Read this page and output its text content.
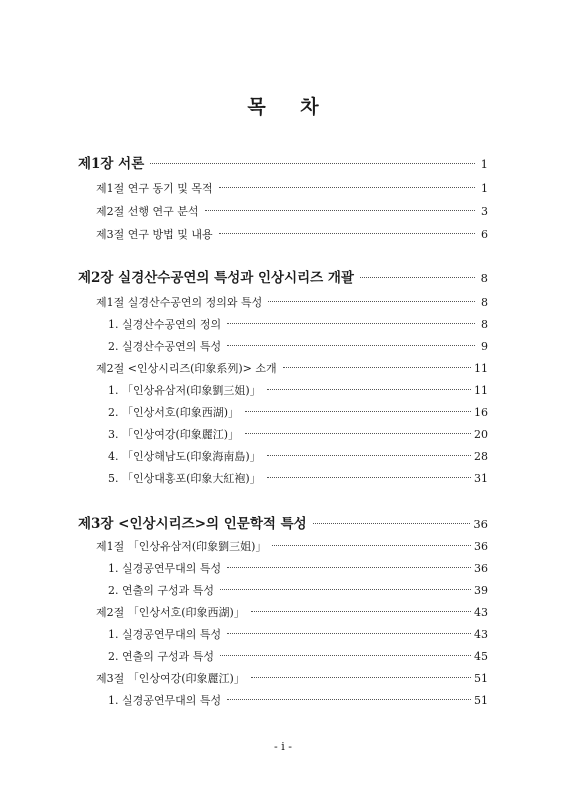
목 차
제1장 서론	1
제1절 연구 동기 및 목적	1
제2절 선행 연구 분석	3
제3절 연구 방법 및 내용	6
제2장 실경산수공연의 특성과 인상시리즈 개괄	8
제1절 실경산수공연의 정의와 특성	8
1. 실경산수공연의 정의	8
2. 실경산수공연의 특성	9
제2절 <인상시리즈(印象系列)> 소개	11
1. 「인상유삼저(印象劉三姐)」	11
2. 「인상서호(印象西湖)」	16
3. 「인상여강(印象麗江)」	20
4. 「인상해남도(印象海南島)」	28
5. 「인상대홍포(印象大紅袍)」	31
제3장 <인상시리즈>의 인문학적 특성	36
제1절 「인상유삼저(印象劉三姐)」	36
1. 실경공연무대의 특성	36
2. 연출의 구성과 특성	39
제2절 「인상서호(印象西湖)」	43
1. 실경공연무대의 특성	43
2. 연출의 구성과 특성	45
제3절 「인상여강(印象麗江)」	51
1. 실경공연무대의 특성	51
- i -
